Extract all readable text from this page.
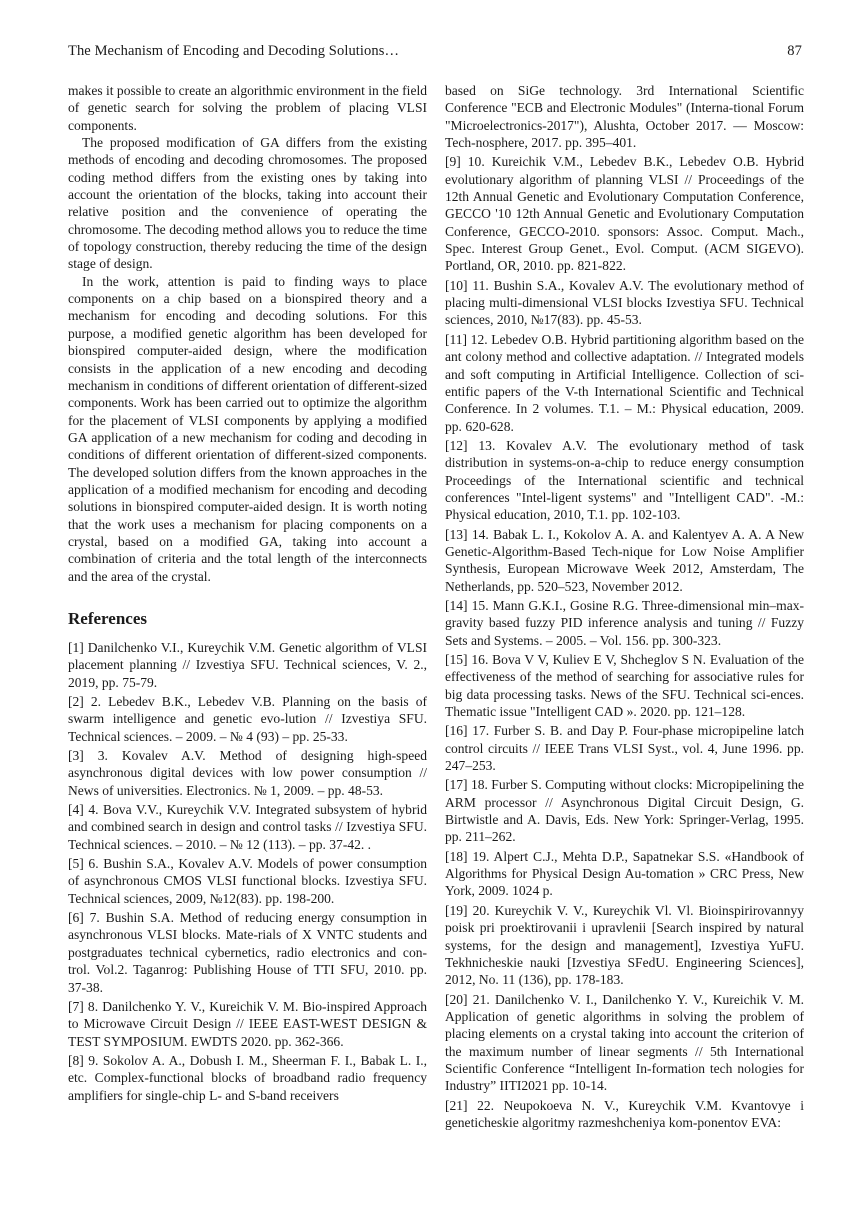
The Mechanism of Encoding and Decoding Solutions…	87

makes it possible to create an algorithmic environment in the field of genetic search for solving the problem of placing VLSI components.

The proposed modification of GA differs from the existing methods of encoding and decoding chromosomes. The proposed coding method differs from the existing ones by taking into account the orientation of the blocks, taking into account their relative position and the convenience of operating the chromosome. The decoding method allows you to reduce the time of topology construction, thereby reducing the time of the design stage of design.

In the work, attention is paid to finding ways to place components on a chip based on a bionspired theory and a mechanism for encoding and decoding solutions. For this purpose, a modified genetic algorithm has been developed for bionspired computer-aided design, where the modification consists in the application of a new encoding and decoding mechanism in conditions of different orientation of different-sized components. Work has been carried out to optimize the algorithm for the placement of VLSI components by applying a modified GA application of a new mechanism for coding and decoding in conditions of different orientation of different-sized components. The developed solution differs from the known approaches in the application of a modified mechanism for encoding and decoding solutions in bionspired computer-aided design. It is worth noting that the work uses a mechanism for placing components on a crystal, based on a modified GA, taking into account a combination of criteria and the total length of the interconnects and the area of the crystal.

References

[1] Danilchenko V.I., Kureychik V.M. Genetic algorithm of VLSI placement planning // Izvestiya SFU. Technical sciences, V. 2., 2019, pp. 75-79.

[2] 2. Lebedev B.K., Lebedev V.B. Planning on the basis of swarm intelligence and genetic evo-lution // Izvestiya SFU. Technical sciences. – 2009. – № 4 (93) – pp. 25-33.

[3] 3. Kovalev A.V. Method of designing high-speed asynchronous digital devices with low power consumption // News of universities. Electronics. № 1, 2009. – pp. 48-53.

[4] 4. Bova V.V., Kureychik V.V. Integrated subsystem of hybrid and combined search in design and control tasks // Izvestiya SFU. Technical sciences. – 2010. – № 12 (113). – pp. 37-42. .

[5] 6. Bushin S.A., Kovalev A.V. Models of power consumption of asynchronous CMOS VLSI functional blocks. Izvestiya SFU. Technical sciences, 2009, №12(83). pp. 198-200.

[6] 7. Bushin S.A. Method of reducing energy consumption in asynchronous VLSI blocks. Mate-rials of X VNTC students and postgraduates technical cybernetics, radio electronics and con-trol. Vol.2. Taganrog: Publishing House of TTI SFU, 2010. pp. 37-38.

[7] 8. Danilchenko Y. V., Kureichik V. M. Bio-inspired Approach to Microwave Circuit Design // IEEE EAST-WEST DESIGN & TEST SYMPOSIUM. EWDTS 2020. pp. 362-366.

[8] 9. Sokolov A. A., Dobush I. M., Sheerman F. I., Babak L. I., etc. Complex-functional blocks of broadband radio frequency amplifiers for single-chip L- and S-band receivers

based on SiGe technology. 3rd International Scientific Conference "ECB and Electronic Modules" (Interna-tional Forum "Microelectronics-2017"), Alushta, October 2017. — Moscow: Tech-nosphere, 2017. pp. 395–401.

[9] 10. Kureichik V.M., Lebedev B.K., Lebedev O.B. Hybrid evolutionary algorithm of planning VLSI // Proceedings of the 12th Annual Genetic and Evolutionary Computation Conference, GECCO '10 12th Annual Genetic and Evolutionary Computation Conference, GECCO-2010. sponsors: Assoc. Comput. Mach., Spec. Interest Group Genet., Evol. Comput. (ACM SIGEVO). Portland, OR, 2010. pp. 821-822.

[10] 11. Bushin S.A., Kovalev A.V. The evolutionary method of placing multi-dimensional VLSI blocks Izvestiya SFU. Technical sciences, 2010, №17(83). pp. 45-53.

[11] 12. Lebedev O.B. Hybrid partitioning algorithm based on the ant colony method and collective adaptation. // Integrated models and soft computing in Artificial Intelligence. Collection of sci-entific papers of the V-th International Scientific and Technical Conference. In 2 volumes. T.1. – M.: Physical education, 2009. pp. 620-628.

[12] 13. Kovalev A.V. The evolutionary method of task distribution in systems-on-a-chip to reduce energy consumption Proceedings of the International scientific and technical conferences "Intel-ligent systems" and "Intelligent CAD". -M.: Physical education, 2010, T.1. pp. 102-103.

[13] 14. Babak L. I., Kokolov A. A. and Kalentyev A. A. A New Genetic-Algorithm-Based Tech-nique for Low Noise Amplifier Synthesis, European Microwave Week 2012, Amsterdam, The Netherlands, pp. 520–523, November 2012.

[14] 15. Mann G.K.I., Gosine R.G. Three-dimensional min–max-gravity based fuzzy PID inference analysis and tuning // Fuzzy Sets and Systems. – 2005. – Vol. 156. pp. 300-323.

[15] 16. Bova V V, Kuliev E V, Shcheglov S N. Evaluation of the effectiveness of the method of searching for associative rules for big data processing tasks. News of the SFU. Technical sci-ences. Thematic issue "Intelligent CAD ». 2020. pp. 121–128.

[16] 17. Furber S. B. and Day P. Four-phase micropipeline latch control circuits // IEEE Trans VLSI Syst., vol. 4, June 1996. pp. 247–253.

[17] 18. Furber S. Computing without clocks: Micropipelining the ARM processor // Asynchronous Digital Circuit Design, G. Birtwistle and A. Davis, Eds. New York: Springer-Verlag, 1995. pp. 211–262.

[18] 19. Alpert C.J., Mehta D.P., Sapatnekar S.S. «Handbook of Algorithms for Physical Design Au-tomation » CRC Press, New York, 2009. 1024 p.

[19] 20. Kureychik V. V., Kureychik Vl. Vl. Bioinspirirovannyy poisk pri proektirovanii i upravlenii [Search inspired by natural systems, for the design and management], Izvestiya YuFU. Tekhnicheskie nauki [Izvestiya SFedU. Engineering Sciences], 2012, No. 11 (136), pp. 178-183.

[20] 21. Danilchenko V. I., Danilchenko Y. V., Kureichik V. M. Application of genetic algorithms in solving the problem of placing elements on a crystal taking into account the criterion of the maximum number of linear segments // 5th International Scientific Conference “Intelligent In-formation tech nologies for Industry” IITI2021 pp. 10-14.

[21] 22. Neupokoeva N. V., Kureychik V.M. Kvantovye i geneticheskie algoritmy razmeshcheniya kom-ponentov EVA:
